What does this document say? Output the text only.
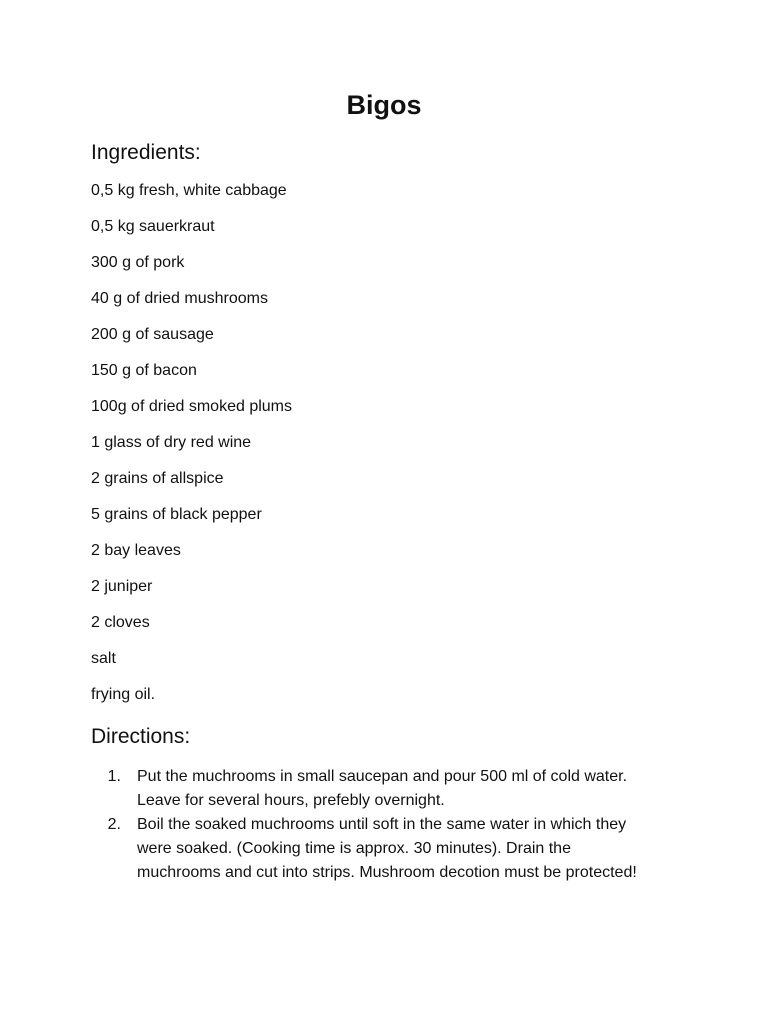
Bigos
Ingredients:
0,5 kg fresh, white cabbage
0,5 kg sauerkraut
300 g of pork
40 g of dried mushrooms
200 g of sausage
150 g of bacon
100g of dried smoked plums
1 glass of dry red wine
2 grains of allspice
5 grains of black pepper
2 bay leaves
2 juniper
2 cloves
salt
frying oil.
Directions:
1.	Put the muchrooms in small saucepan and pour 500 ml of cold water.
Leave for several hours, prefebly overnight.
2.	Boil the soaked muchrooms until soft in the same water in which they
were soaked. (Cooking time is approx. 30 minutes). Drain the
muchrooms and cut into strips. Mushroom decotion must be protected!
